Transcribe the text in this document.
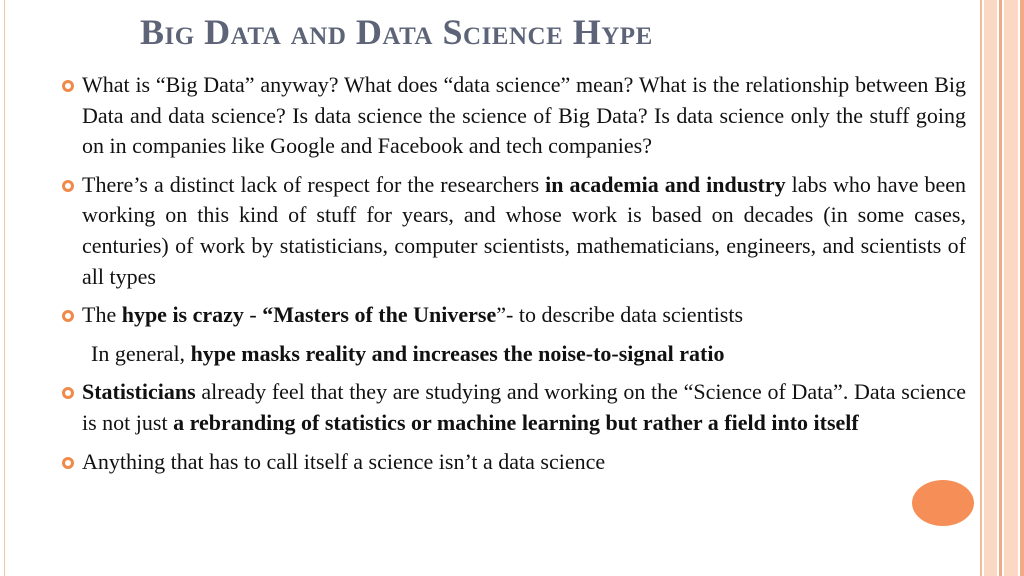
Big Data and Data Science Hype

What is “Big Data” anyway? What does “data science” mean? What is the relationship between Big Data and data science? Is data science the science of Big Data? Is data science only the stuff going on in companies like Google and Facebook and tech companies?

There’s a distinct lack of respect for the researchers in academia and industry labs who have been working on this kind of stuff for years, and whose work is based on decades (in some cases, centuries) of work by statisticians, computer scientists, mathematicians, engineers, and scientists of all types

The hype is crazy - “Masters of the Universe”- to describe data scientists

In general, hype masks reality and increases the noise-to-signal ratio

Statisticians already feel that they are studying and working on the “Science of Data”. Data science is not just a rebranding of statistics or machine learning but rather a field into itself

Anything that has to call itself a science isn’t a data science
